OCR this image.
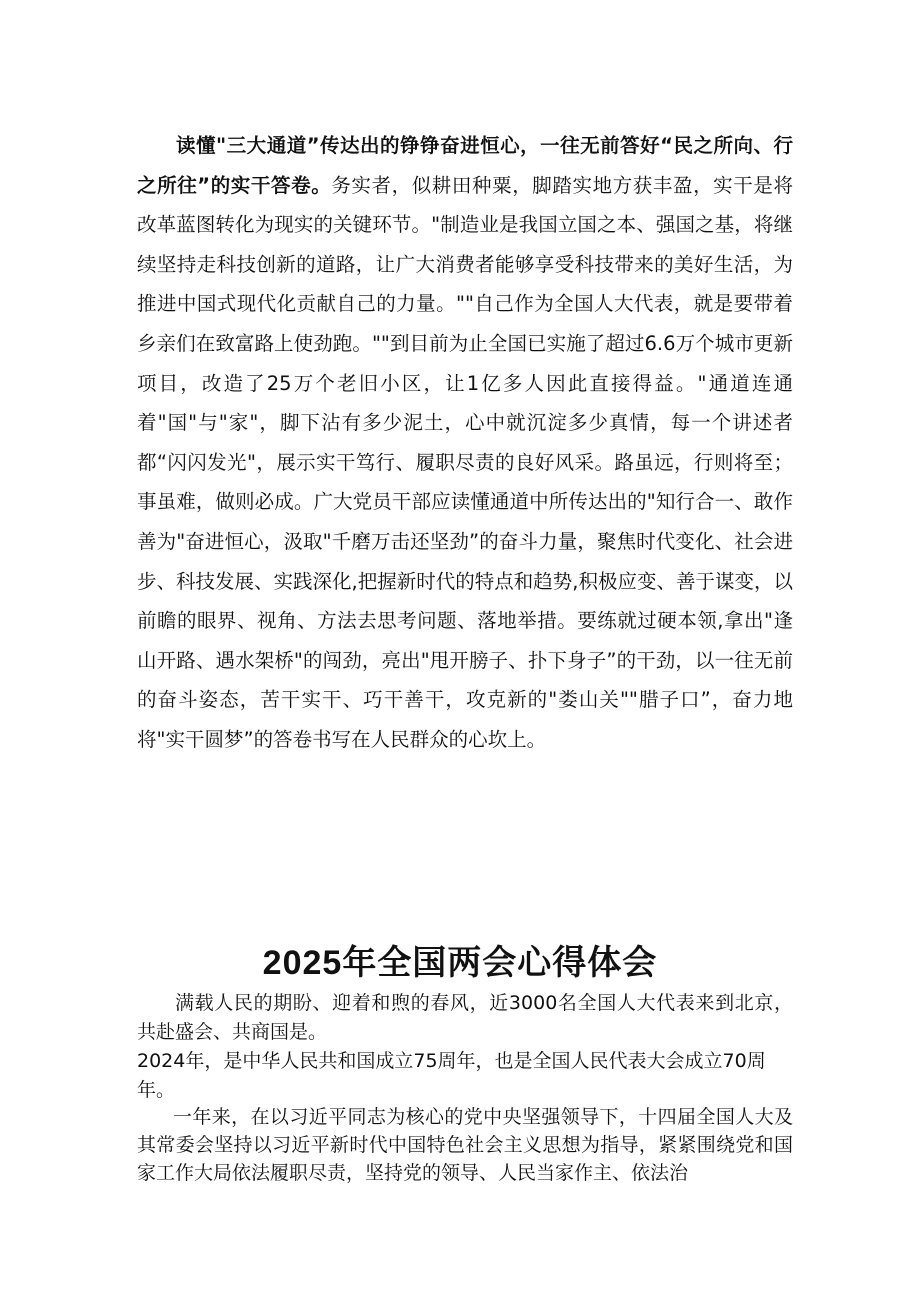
读懂"三大通道”传达出的铮铮奋进恒心，一往无前答好“民之所向、行之所往”的实干答卷。务实者，似耕田种粟，脚踏实地方获丰盈，实干是将改革蓝图转化为现实的关键环节。"制造业是我国立国之本、强国之基，将继续坚持走科技创新的道路，让广大消费者能够享受科技带来的美好生活，为推进中国式现代化贡献自己的力量。""自己作为全国人大代表，就是要带着乡亲们在致富路上使劲跑。""到目前为止全国已实施了超过6.6万个城市更新项目，改造了25万个老旧小区，让1亿多人因此直接得益。"通道连通着"国"与"家"，脚下沾有多少泥土，心中就沉淀多少真情，每一个讲述者都“闪闪发光"，展示实干笃行、履职尽责的良好风采。路虽远，行则将至；事虽难，做则必成。广大党员干部应读懂通道中所传达出的"知行合一、敢作善为"奋进恒心，汲取"千磨万击还坚劲”的奋斗力量，聚焦时代变化、社会进步、科技发展、实践深化,把握新时代的特点和趋势,积极应变、善于谋变，以前瞻的眼界、视角、方法去思考问题、落地举措。要练就过硬本领,拿出"逢山开路、遇水架桥"的闯劲，亮出"甩开膀子、扑下身子”的干劲，以一往无前的奋斗姿态，苦干实干、巧干善干，攻克新的"娄山关""腊子口”，奋力地将"实干圆梦”的答卷书写在人民群众的心坎上。

2025年全国两会心得体会

满载人民的期盼、迎着和煦的春风，近3000名全国人大代表来到北京，共赴盛会、共商国是。

2024年，是中华人民共和国成立75周年，也是全国人民代表大会成立70周年。

一年来，在以习近平同志为核心的党中央坚强领导下，十四届全国人大及其常委会坚持以习近平新时代中国特色社会主义思想为指导，紧紧围绕党和国家工作大局依法履职尽责，坚持党的领导、人民当家作主、依法治
